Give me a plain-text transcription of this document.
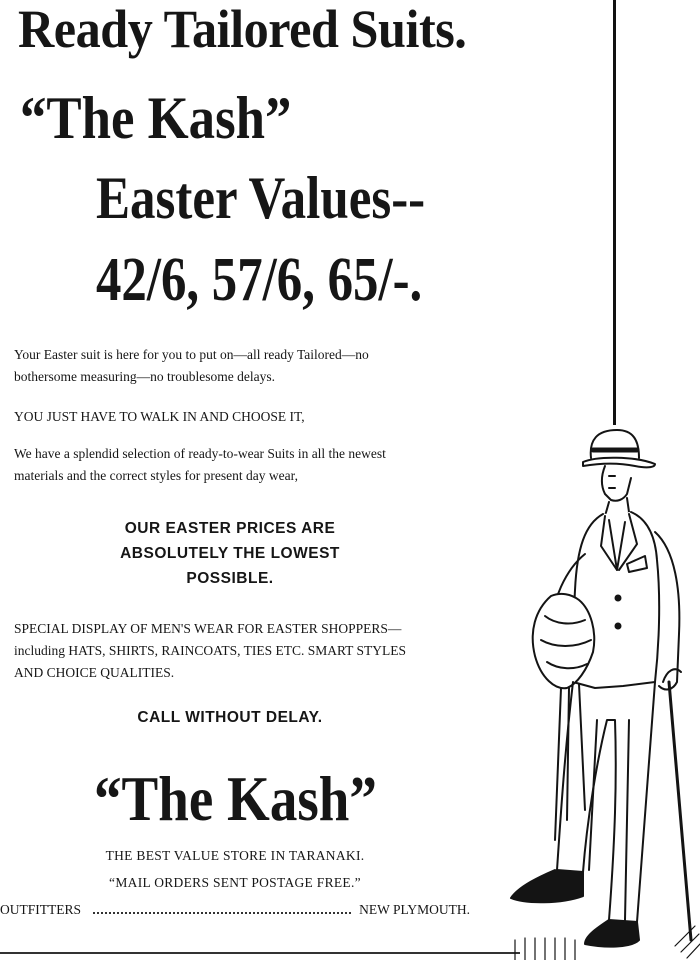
Ready Tailored Suits.
“The Kash”
Easter Values--
42/6, 57/6, 65/-.
Your Easter suit is here for you to put on—all ready Tailored—no
bothersome measuring—no troublesome delays.
YOU JUST HAVE TO WALK IN AND CHOOSE IT,
We have a splendid selection of ready-to-wear Suits in all the newest
materials and the correct styles for present day wear,
OUR EASTER PRICES ARE
ABSOLUTELY THE LOWEST
POSSIBLE.
SPECIAL DISPLAY OF MEN'S WEAR FOR EASTER SHOPPERS—
including HATS, SHIRTS, RAINCOATS, TIES ETC. SMART STYLES
AND CHOICE QUALITIES.
CALL WITHOUT DELAY.
“The Kash”
THE BEST VALUE STORE IN TARANAKI.
“MAIL ORDERS SENT POSTAGE FREE.”
OUTFITTERS	NEW PLYMOUTH.
